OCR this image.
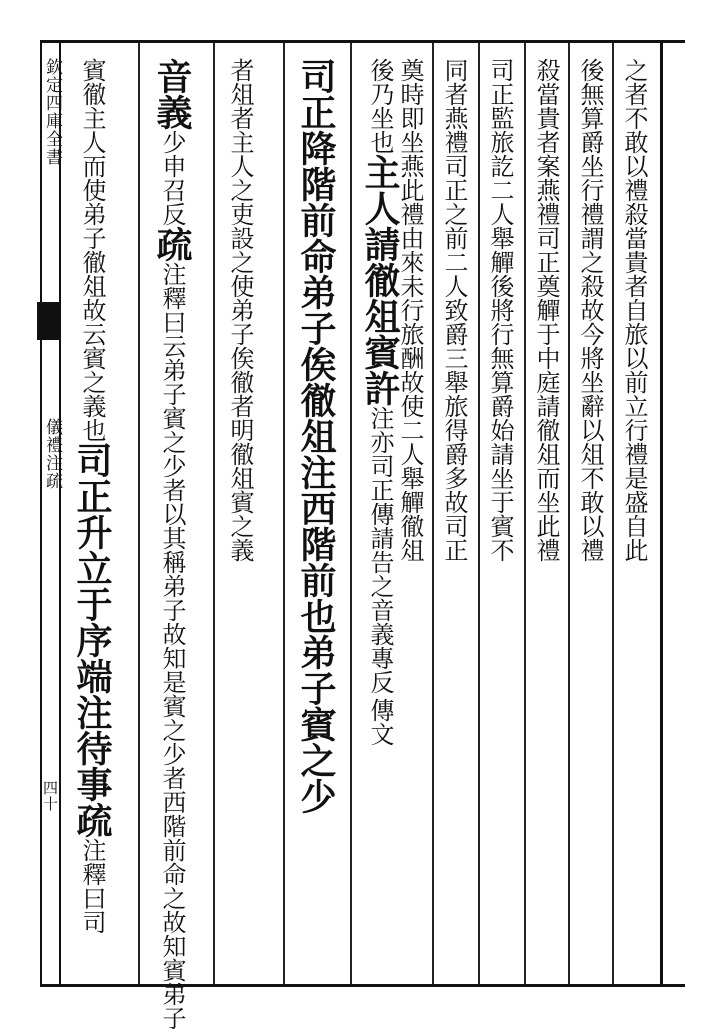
欽定四庫全書
儀禮注疏
四十
之者不敢以禮殺當貴者自旅以前立行禮是盛自此
後無算爵坐行禮謂之殺故今將坐辭以俎不敢以禮
殺當貴者案燕禮司正奠觶于中庭請徹俎而坐此禮
司正監旅訖二人舉觶後將行無算爵始請坐于賓不
同者燕禮司正之前二人致爵三舉旅得爵多故司正
奠時即坐燕此禮由來未行旅酬故使二人舉觶徹俎
後乃坐也主人請徹俎賓許注亦司正傳請告之音義
傳文
專反
司正降階前命弟子俟徹俎注西階前也弟子賓之少
者俎者主人之吏設之使弟子俟徹者明徹俎賓之義
音義少申召反疏注釋曰云弟子賓之少者以其稱弟子故知是賓之少者西階前命之故知賓弟子
賓徹主人而使弟子徹俎故云賓之義也司正升立于序端注待事疏注釋曰司
